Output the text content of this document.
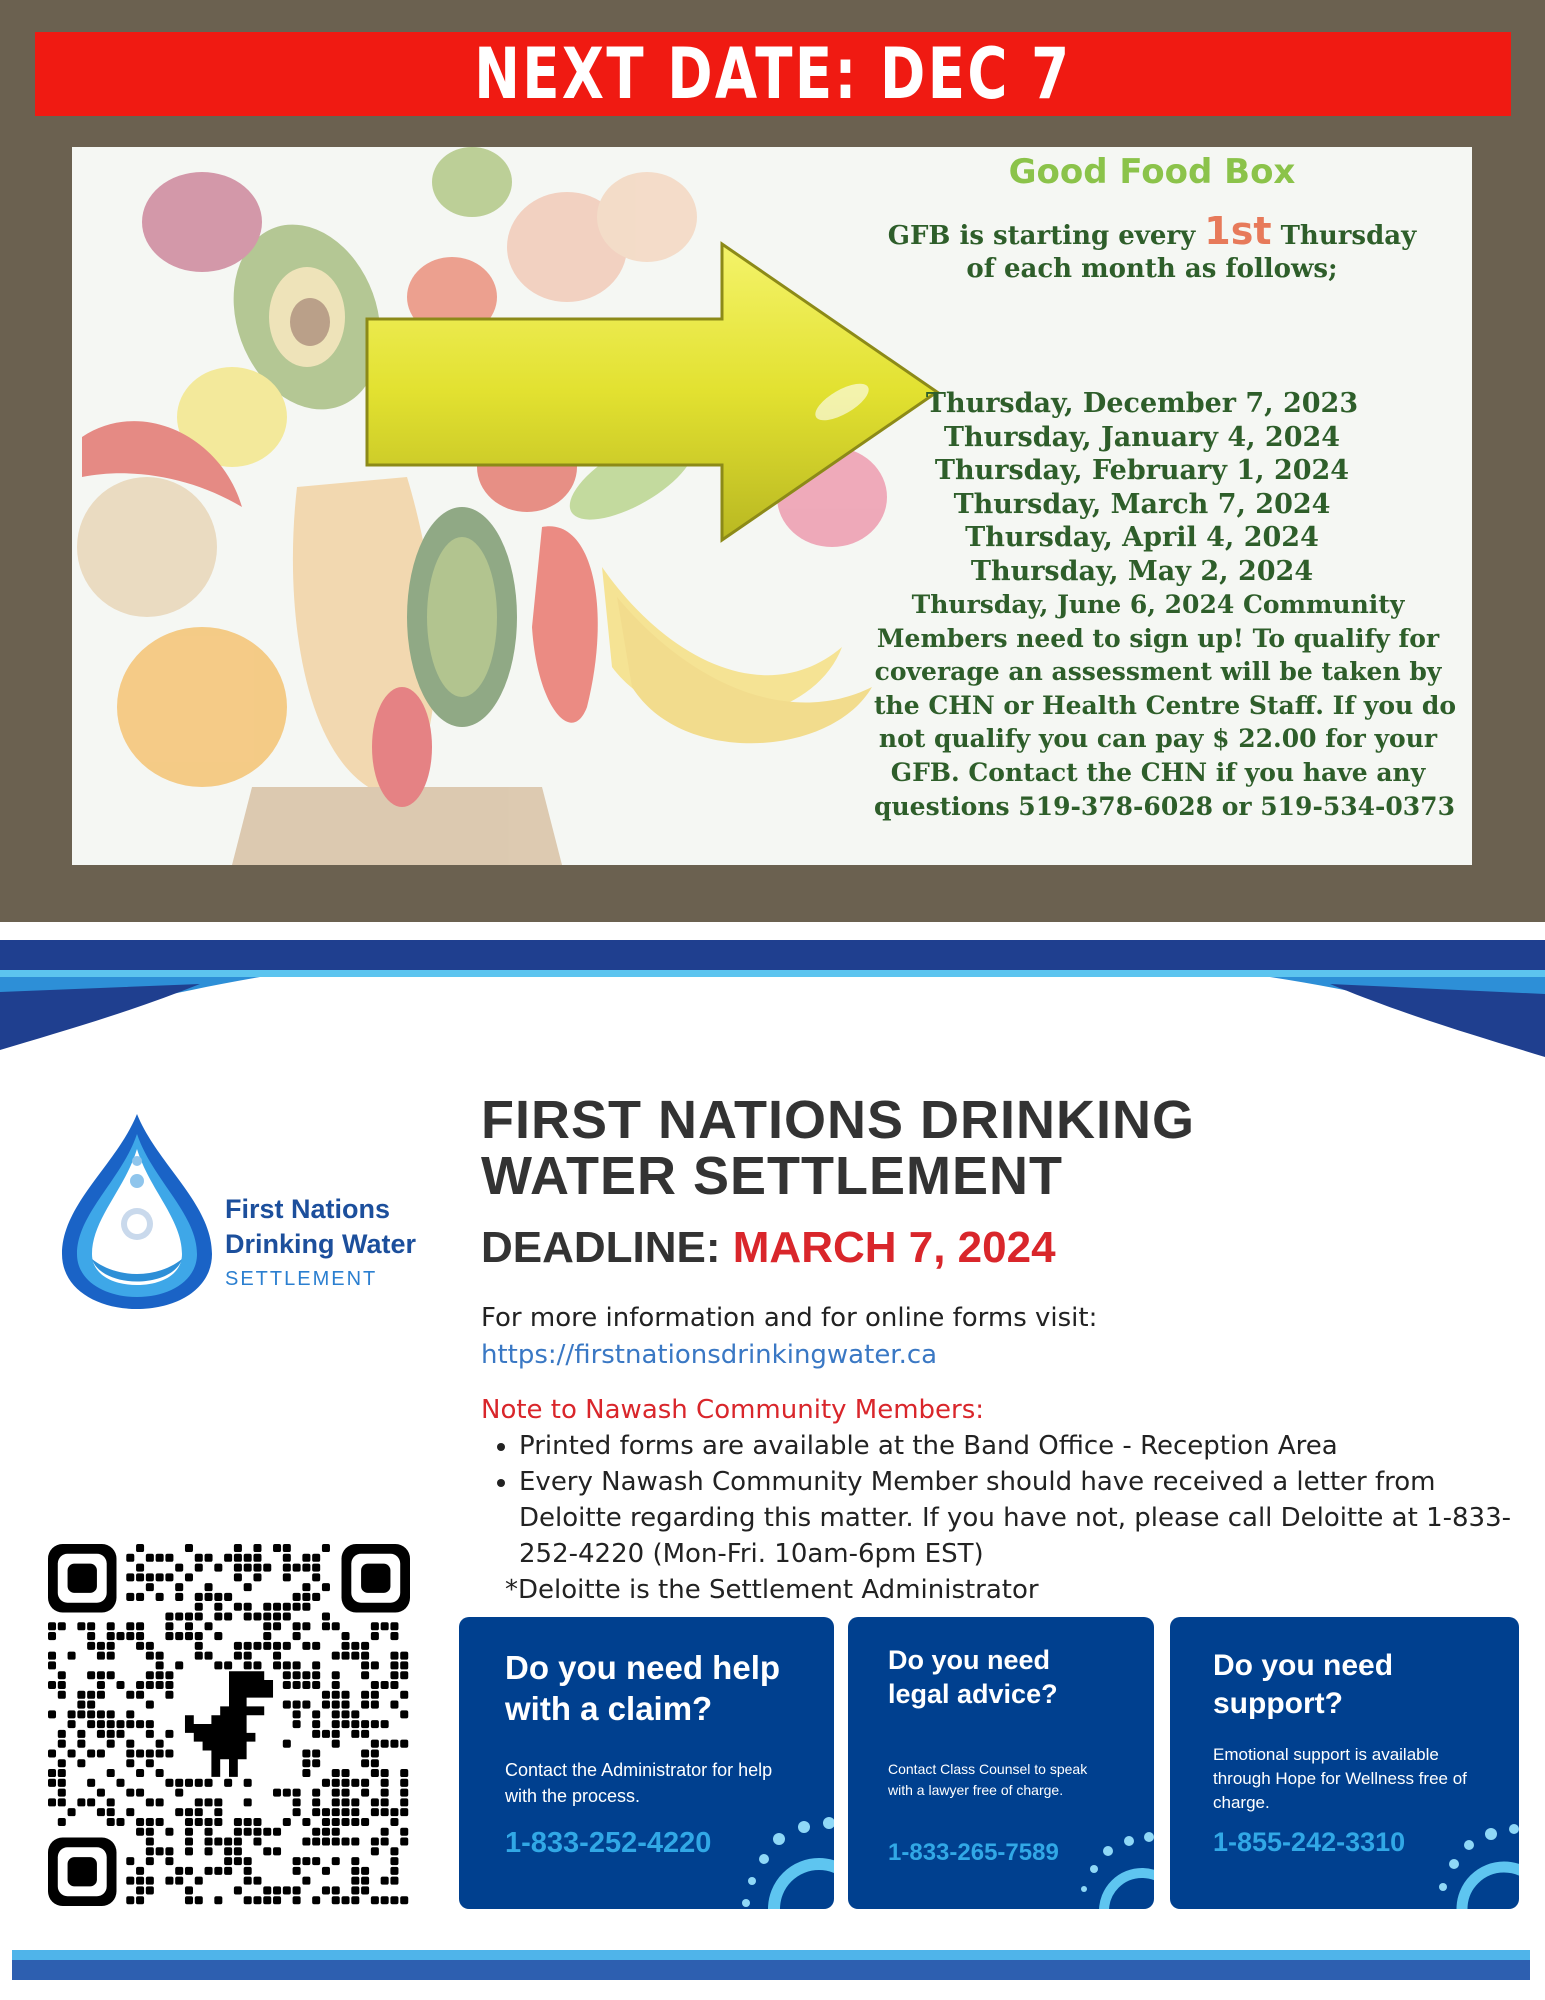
NEXT DATE: DEC 7
Good Food Box
GFB is starting every 1st Thursday of each month as follows;
Thursday, December 7, 2023
Thursday, January 4, 2024
Thursday, February 1, 2024
Thursday, March 7, 2024
Thursday, April 4, 2024
Thursday, May 2, 2024
Thursday, June 6, 2024 Community
Members need to sign up! To qualify for
coverage an assessment will be taken by
the CHN or Health Centre Staff. If you do
not qualify you can pay $ 22.00 for your
GFB. Contact the CHN if you have any
questions 519-378-6028 or 519-534-0373
First Nations
Drinking Water
SETTLEMENT
FIRST NATIONS DRINKING
WATER SETTLEMENT
DEADLINE: MARCH 7, 2024
For more information and for online forms visit:
https://firstnationsdrinkingwater.ca
Note to Nawash Community Members:
• Printed forms are available at the Band Office - Reception Area
• Every Nawash Community Member should have received a letter from Deloitte regarding this matter. If you have not, please call Deloitte at 1-833-252-4220 (Mon-Fri. 10am-6pm EST)
*Deloitte is the Settlement Administrator
Do you need help with a claim?

Contact the Administrator for help with the process.

1-833-252-4220
Do you need legal advice?

Contact Class Counsel to speak with a lawyer free of charge.

1-833-265-7589
Do you need support?

Emotional support is available through Hope for Wellness free of charge.

1-855-242-3310
